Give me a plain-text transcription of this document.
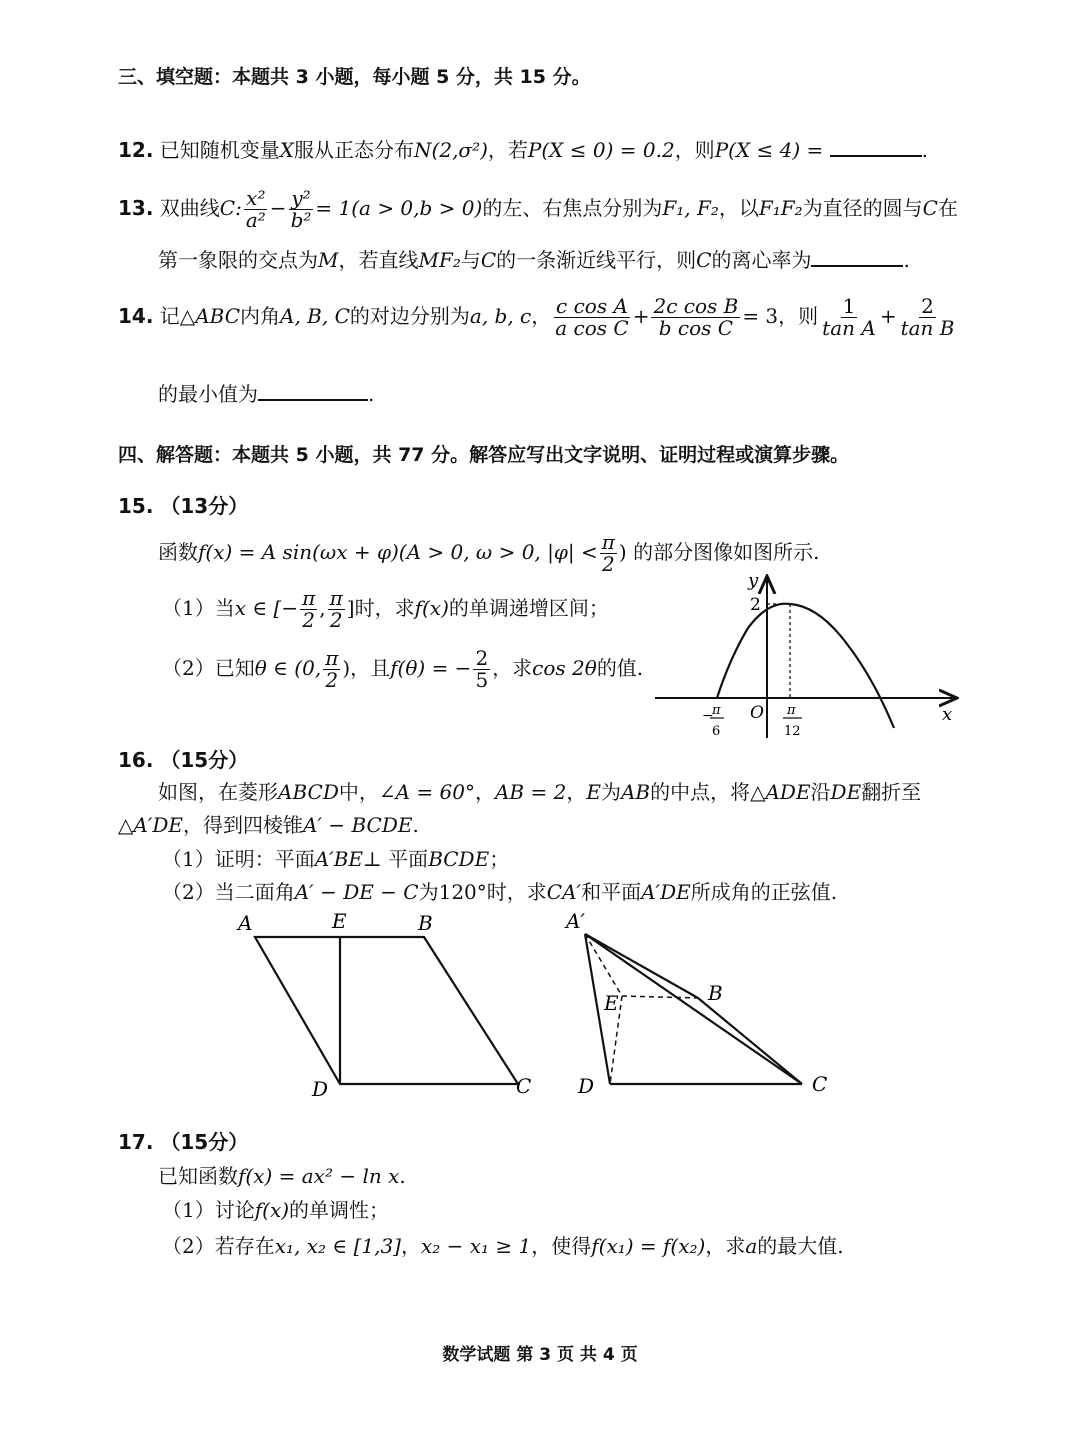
三、填空题：本题共 3 小题，每小题 5 分，共 15 分。
12. 已知随机变量X服从正态分布N(2,σ²)，若P(X ≤ 0) = 0.2，则P(X ≤ 4) =	.
13. 双曲线C: $\frac{\text{x²}}{\text{a²}} - \frac{\text{y²}}{\text{b²}} = 1(a > 0,b > 0)$的左、右焦点分别为F₁, F₂，以F₁F₂为直径的圆与C在
第一象限的交点为M，若直线MF₂与C的一条渐近线平行，则C的离心率为	.
14. 记△ABC内角A, B, C的对边分别为a, b, c， $\frac{\text{c cos A}}{\text{a cos C}} + \frac{\text{2c cos B}}{\text{b cos C}} = 3$，则 $\frac{1}{\text{tan A}} + \frac{2}{\text{tan B}}$
的最小值为	.
四、解答题：本题共 5 小题，共 77 分。解答应写出文字说明、证明过程或演算步骤。
15. （13分）
函数f(x) = A sin(ωx + φ)(A > 0, ω > 0, $|\varphi| < \frac{\pi}{2}$ ) 的部分图像如图所示.
（1）当x ∈ [− $\frac{\pi}{2}$ , $\frac{\pi}{2}$ ]时，求f(x)的单调递增区间；
（2）已知θ ∈ (0, $\frac{\pi}{2}$ )，且f(θ) = − $\frac{2}{5}$ ，求cos 2θ的值.
y
x
O
2
−
π
6
π
12
16. （15分）
如图，在菱形ABCD中，∠A = 60°，AB = 2，E为AB的中点，将△ADE沿DE翻折至
△A′DE，得到四棱锥A′ − BCDE.
（1）证明：平面A′BE⊥ 平面BCDE；
（2）当二面角A′ − DE − C为120°时，求CA′和平面A′DE所成角的正弦值.
A	E	B
D	C
A′
E	B
D	C
17. （15分）
已知函数f(x) = ax² − ln x.
（1）讨论f(x)的单调性；
（2）若存在x₁, x₂ ∈ [1,3]，x₂ − x₁ ≥ 1，使得f(x₁) = f(x₂)，求a的最大值.
数学试题 第 3 页 共 4 页
